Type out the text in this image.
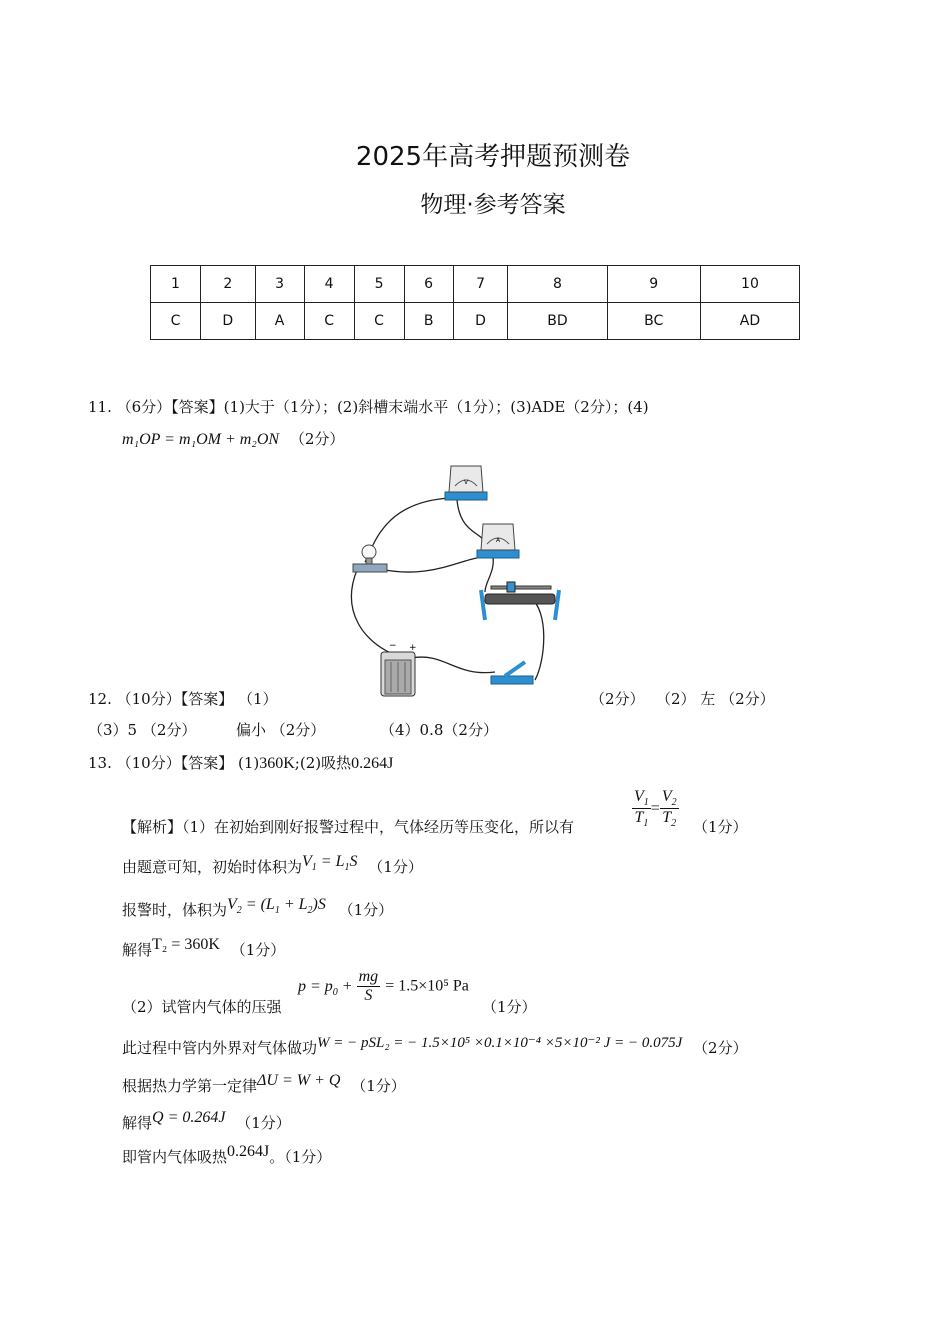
2025年高考押题预测卷
物理·参考答案
1	2	3	4	5	6	7	8	9	10
C	D	A	C	C	B	D	BD	BC	AD
11. （6分）【答案】(1)大于（1分）；(2)斜槽末端水平（1分）；(3)ADE（2分）；(4)
m₁OP = m₁OM + m₂ON （2分）
V
A
− +
12. （10分）【答案】 （1）	（2分） （2） 左 （2分）
（3）5 （2分）	偏小 （2分）	（4）0.8（2分）
13. （10分）【答案】 (1)360K;(2)吸热0.264J
【解析】（1）在初始到刚好报警过程中，气体经历等压变化，所以有	$\frac{V_1}{T_1} = \frac{V_2}{T_2} (1$分）
由题意可知，初始时体积为$V_1 = L_1S$ （1分）
报警时，体积为$V_2 = (L_1 + L_2)S$ （1分）
解得T₂ = 360K （1分）
（2）试管内气体的压强
$p = p_0 + \frac{mg}{S} = 1.5\times 10^5$ Pa
（1分）
此过程中管内外界对气体做功W = − pSL₂ = − 1.5×10⁵ ×0.1×10⁻⁴ ×5×10⁻² J = − 0.075J （2分）
根据热力学第一定律ΔU = W + Q （1分）
解得Q = 0.264J （1分）
即管内气体吸热0.264J。（1分）
